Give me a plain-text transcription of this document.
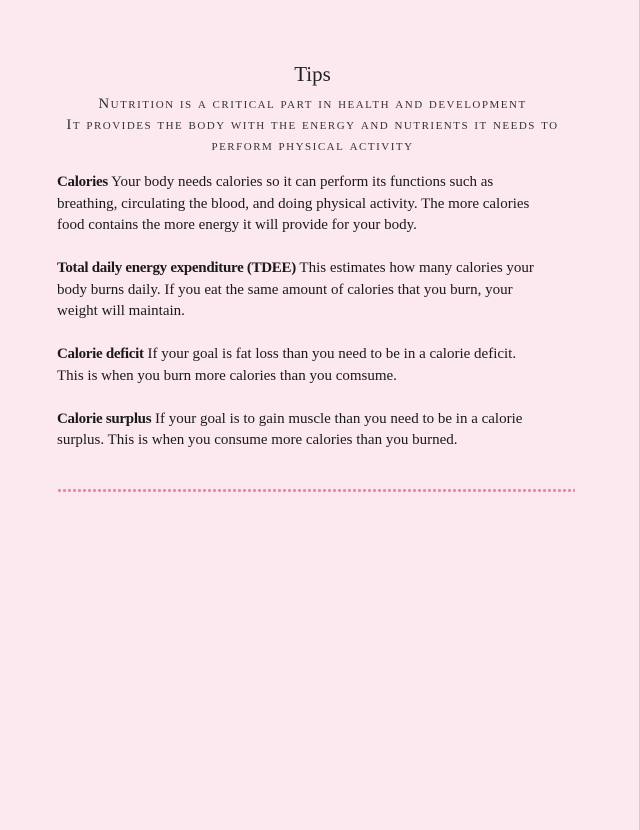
Tips
Nutrition is a critical part in health and development
It provides the body with the energy and nutrients it needs to
perform physical activity

Calories Your body needs calories so it can perform its functions such as
breathing, circulating the blood, and doing physical activity. The more calories
food contains the more energy it will provide for your body.

Total daily energy expenditure (TDEE) This estimates how many calories your
body burns daily. If you eat the same amount of calories that you burn, your
weight will maintain.

Calorie deficit If your goal is fat loss than you need to be in a calorie deficit.
This is when you burn more calories than you comsume.

Calorie surplus If your goal is to gain muscle than you need to be in a calorie
surplus. This is when you consume more calories than you burned.
